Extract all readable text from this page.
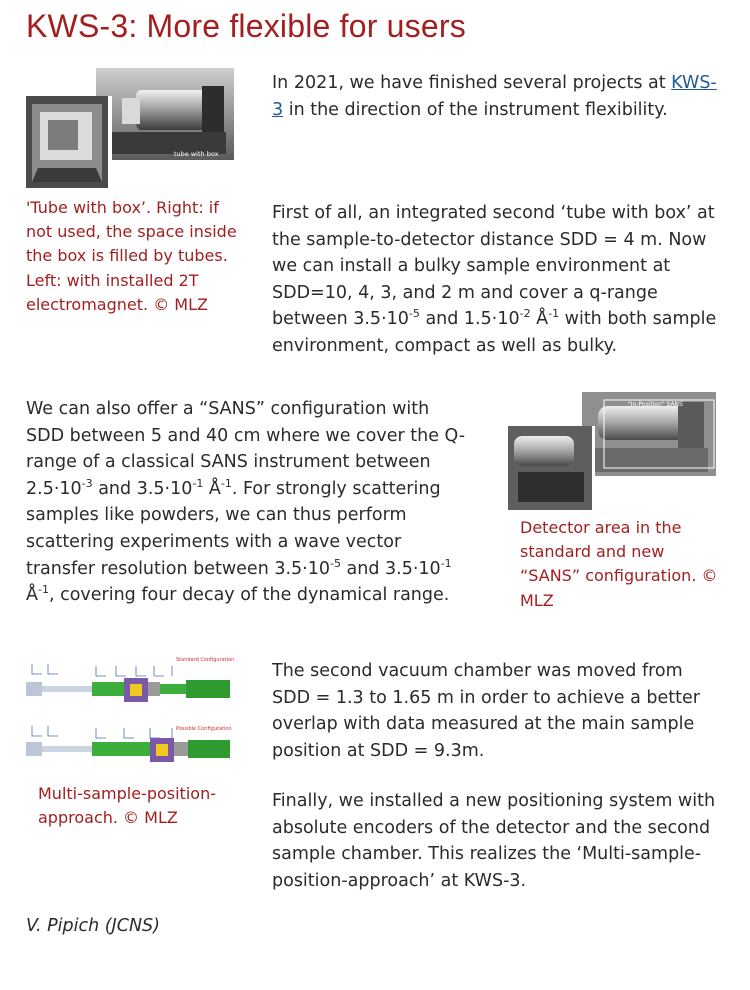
KWS-3: More flexible for users
tube with box

'Tube with box’. Right: if not used, the space inside the box is filled by tubes. Left: with installed 2T electromagnet. © MLZ

In 2021, we have finished several projects at KWS-3 in the direction of the instrument flexibility.

First of all, an integrated second ‘tube with box’ at the sample-to-detector distance SDD = 4 m. Now we can install a bulky sample environment at SDD=10, 4, 3, and 2 m and cover a q-range between $3.5\cdot 10^{-5}$ and $1.5\cdot 10^{-2}$ $Å^{-1}$ with both sample environment, compact as well as bulky.

We can also offer a “SANS” configuration with SDD between 5 and 40 cm where we cover the Q-range of a classical SANS instrument between $2.5\cdot 10^{-3}$ and $3.5\cdot 10^{-1}$ $Å^{-1}$. For strongly scattering samples like powders, we can thus perform scattering experiments with a wave vector transfer resolution between $3.5\cdot 10^{-5}$ and $3.5\cdot 10^{-1}$ $Å^{-1}$, covering four decay of the dynamical range.

"In-Position" SANS

Detector area in the standard and new “SANS” configuration. © MLZ

Standard Configuration
Possible Configuration

Multi-sample-position-approach. © MLZ

The second vacuum chamber was moved from SDD = 1.3 to 1.65 m in order to achieve a better overlap with data measured at the main sample position at SDD = 9.3m.

Finally, we installed a new positioning system with absolute encoders of the detector and the second sample chamber. This realizes the ‘Multi-sample-position-approach’ at KWS-3.

V. Pipich (JCNS)
